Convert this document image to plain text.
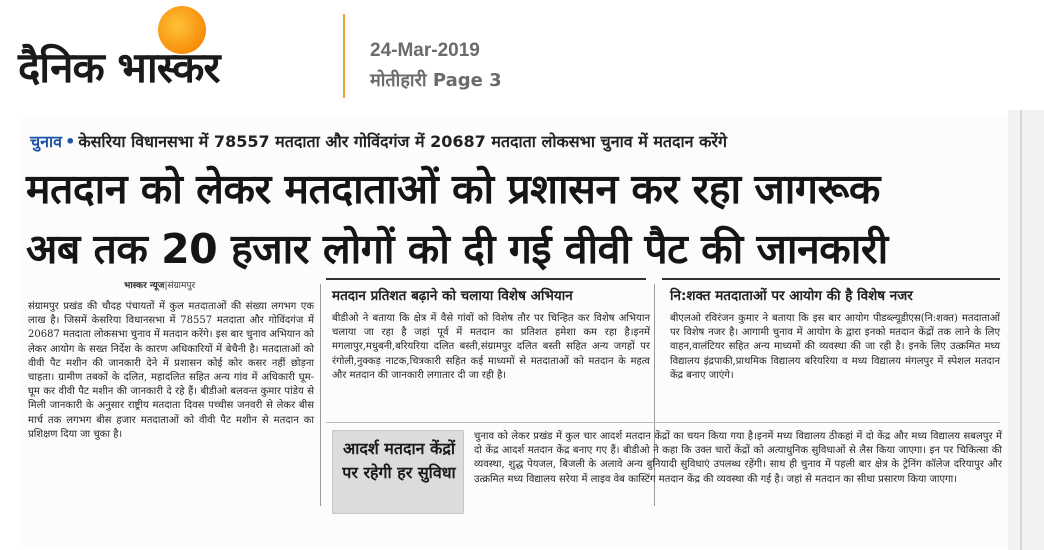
दैनिक भास्कर	24-Mar-2019
मोतीहारी Page 3
चुनाव • केसरिया विधानसभा में 78557 मतदाता और गोविंदगंज में 20687 मतदाता लोकसभा चुनाव में मतदान करेंगे
मतदान को लेकर मतदाताओं को प्रशासन कर रहा जागरूक
अब तक 20 हजार लोगों को दी गई वीवी पैट की जानकारी
भास्कर न्यूज|संग्रामपुर
संग्रामपुर प्रखंड की चौदह पंचायतों में कुल मतदाताओं की संख्या लगभग एक लाख है। जिसमें केसरिया विधानसभा में 78557 मतदाता और गोविंदगंज में 20687 मतदाता लोकसभा चुनाव में मतदान करेंगे। इस बार चुनाव अभियान को लेकर आयोग के सख्त निर्देश के कारण अधिकारियों में बेचैनी है। मतदाताओं को वीवी पैट मशीन की जानकारी देने में प्रशासन कोई कोर कसर नहीं छोड़ना चाहता। ग्रामीण तबकों के दलित, महादलित सहित अन्य गांव में अधिकारी घूम-घूम कर वीवी पैट मशीन की जानकारी दे रहे हैं। बीडीओ बलवन्त कुमार पांडेय से मिली जानकारी के अनुसार राष्ट्रीय मतदाता दिवस पच्चीस जनवरी से लेकर बीस मार्च तक लगभग बीस हजार मतदाताओं को वीवी पैट मशीन से मतदान का प्रशिक्षण दिया जा चुका है।
मतदान प्रतिशत बढ़ाने को चलाया विशेष अभियान
बीडीओ ने बताया कि क्षेत्र में वैसे गांवों को विशेष तौर पर चिन्हित कर विशेष अभियान चलाया जा रहा है जहां पूर्व में मतदान का प्रतिशत हमेशा कम रहा है।इनमें मगलापुर,मधुबनी,बरियरिया दलित बस्ती,संग्रामपुर दलित बस्ती सहित अन्य जगहों पर रंगोली,नुक्कड़ नाटक,चित्रकारी सहित कई माध्यमों से मतदाताओं को मतदान के महत्व और मतदान की जानकारी लगातार दी जा रही है।
नि:शक्त मतदाताओं पर आयोग की है विशेष नजर
बीएलओ रविरंजन कुमार ने बताया कि इस बार आयोग पीडब्ल्यूडीएस(नि:शक्त) मतदाताओं पर विशेष नजर है। आगामी चुनाव में आयोग के द्वारा इनको मतदान केंद्रों तक लाने के लिए वाहन,वालंटियर सहित अन्य माध्यमों की व्यवस्था की जा रही है। इनके लिए उत्क्रमित मध्य विद्यालय इंद्रपाकी,प्राथमिक विद्यालय बरियरिया व मध्य विद्यालय मंगलपुर में स्पेशल मतदान केंद्र बनाए जाएंगे।
आदर्श मतदान केंद्रों पर रहेगी हर सुविधा
चुनाव को लेकर प्रखंड में कुल चार आदर्श मतदान केंद्रों का चयन किया गया है।इनमें मध्य विद्यालय ठीकहां में दो केंद्र और मध्य विद्यालय सबलपुर में दो केंद्र आदर्श मतदान केंद्र बनाए गए हैं। बीडीओ ने कहा कि उक्त चारों केंद्रों को अत्याधुनिक सुविधाओं से लैस किया जाएगा। इन पर चिकित्सा की व्यवस्था, शुद्ध पेयजल, बिजली के अलावे अन्य बुनियादी सुविधाएं उपलब्ध रहेंगी। साथ ही चुनाव में पहली बार क्षेत्र के ट्रेनिंग कॉलेज दरियापुर और उत्क्रमित मध्य विद्यालय सरेया में लाइव वेब कास्टिंग मतदान केंद्र की व्यवस्था की गई है। जहां से मतदान का सीधा प्रसारण किया जाएगा।
